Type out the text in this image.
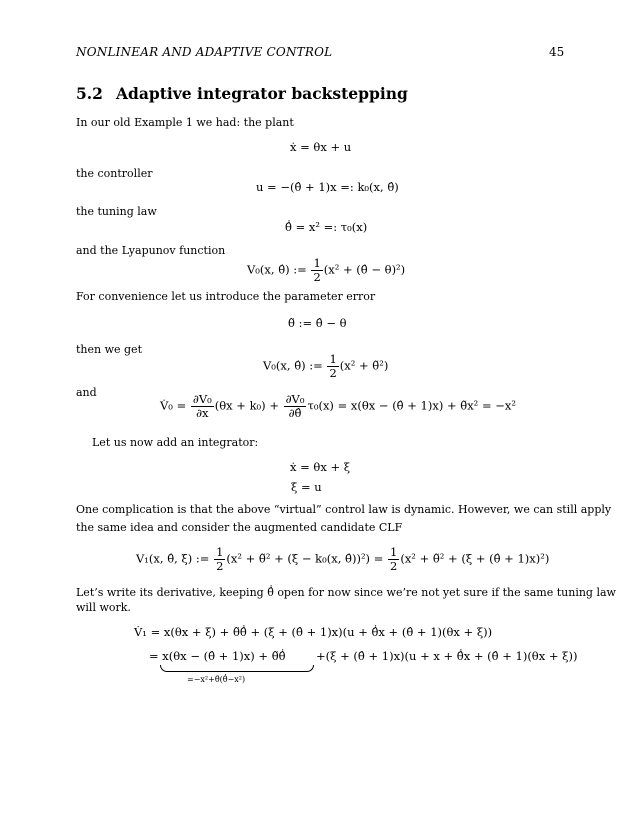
NONLINEAR AND ADAPTIVE CONTROL	45
5.2 Adaptive integrator backstepping
In our old Example 1 we had: the plant
ẋ = θx + u
the controller
u = −(θ̂ + 1)x =: k₀(x, θ̂)
the tuning law
θ̂̇ = x² =: τ₀(x)
and the Lyapunov function
V₀(x, θ̂) := $\frac{1}{2} (x^2$ + (θ̂ − θ)²)
For convenience let us introduce the parameter error
θ̃ := θ̂ − θ
then we get
V₀(x, θ̂) := $\frac{1}{2} (x^2$ + θ̃²)
and
V̇₀ = $\frac{\text{∂V₀}}{\partial x} (\theta x + k_0) + \frac{\text{∂V₀}}{\partial\thetâ} \tau_0(x) = x(\theta x$ − (θ̂ + 1)x) + θ̃x² = −x²
Let us now add an integrator:
ẋ = θx + ξ
ξ̇ = u
One complication is that the above “virtual” control law is dynamic. However, we can still apply
the same idea and consider the augmented candidate CLF
V₁(x, θ̂, ξ) := $\frac{1}{2} (x^2$ + θ̃² + (ξ − k₀(x, θ̂))²) = $\frac{1}{2} (x^2$ + θ̃² + (ξ + (θ̂ + 1)x)²)
Let’s write its derivative, keeping θ̂̇ open for now since we’re not yet sure if the same tuning law
will work.
V̇₁ = x(θx + ξ) + θ̃θ̂̇ + (ξ + (θ̂ + 1)x)(u + θ̂̇x + (θ̂ + 1)(θx + ξ))
= x(θx − (θ̂ + 1)x) + θ̃θ̂̇	+(ξ + (θ̂ + 1)x)(u + x + θ̂̇x + (θ̂ + 1)(θx + ξ))
=−x²+θ̃(θ̂̇−x²)
